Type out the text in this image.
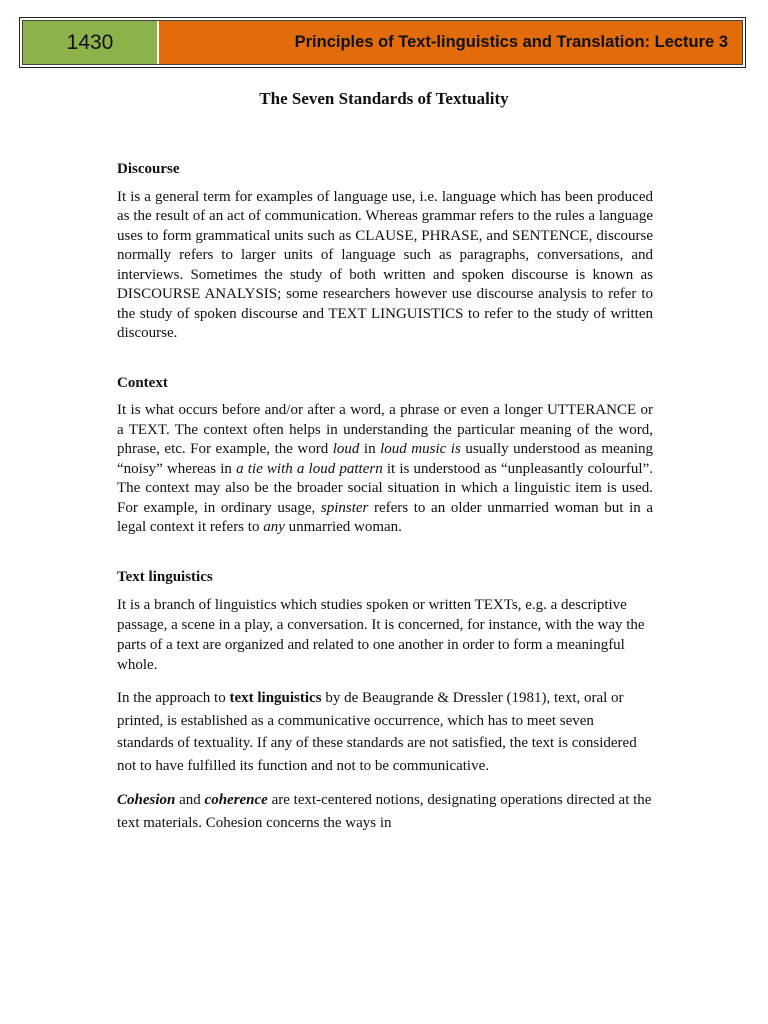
1430	Principles of Text-linguistics and Translation: Lecture 3
The Seven Standards of Textuality
Discourse

It is a general term for examples of language use, i.e. language which has been produced as the result of an act of communication. Whereas grammar refers to the rules a language uses to form grammatical units such as CLAUSE, PHRASE, and SENTENCE, discourse normally refers to larger units of language such as paragraphs, conversations, and interviews. Sometimes the study of both written and spoken discourse is known as DISCOURSE ANALYSIS; some researchers however use discourse analysis to refer to the study of spoken discourse and TEXT LINGUISTICS to refer to the study of written discourse.

Context

It is what occurs before and/or after a word, a phrase or even a longer UTTERANCE or a TEXT. The context often helps in understanding the particular meaning of the word, phrase, etc. For example, the word loud in loud music is usually understood as meaning “noisy” whereas in a tie with a loud pattern it is understood as “unpleasantly colourful”. The context may also be the broader social situation in which a linguistic item is used. For example, in ordinary usage, spinster refers to an older unmarried woman but in a legal context it refers to any unmarried woman.

Text linguistics

It is a branch of linguistics which studies spoken or written TEXTs, e.g. a descriptive passage, a scene in a play, a conversation. It is concerned, for instance, with the way the parts of a text are organized and related to one another in order to form a meaningful whole.

In the approach to text linguistics by de Beaugrande & Dressler (1981), text, oral or printed, is established as a communicative occurrence, which has to meet seven standards of textuality. If any of these standards are not satisfied, the text is considered not to have fulfilled its function and not to be communicative.

Cohesion and coherence are text-centered notions, designating operations directed at the text materials. Cohesion concerns the ways in
